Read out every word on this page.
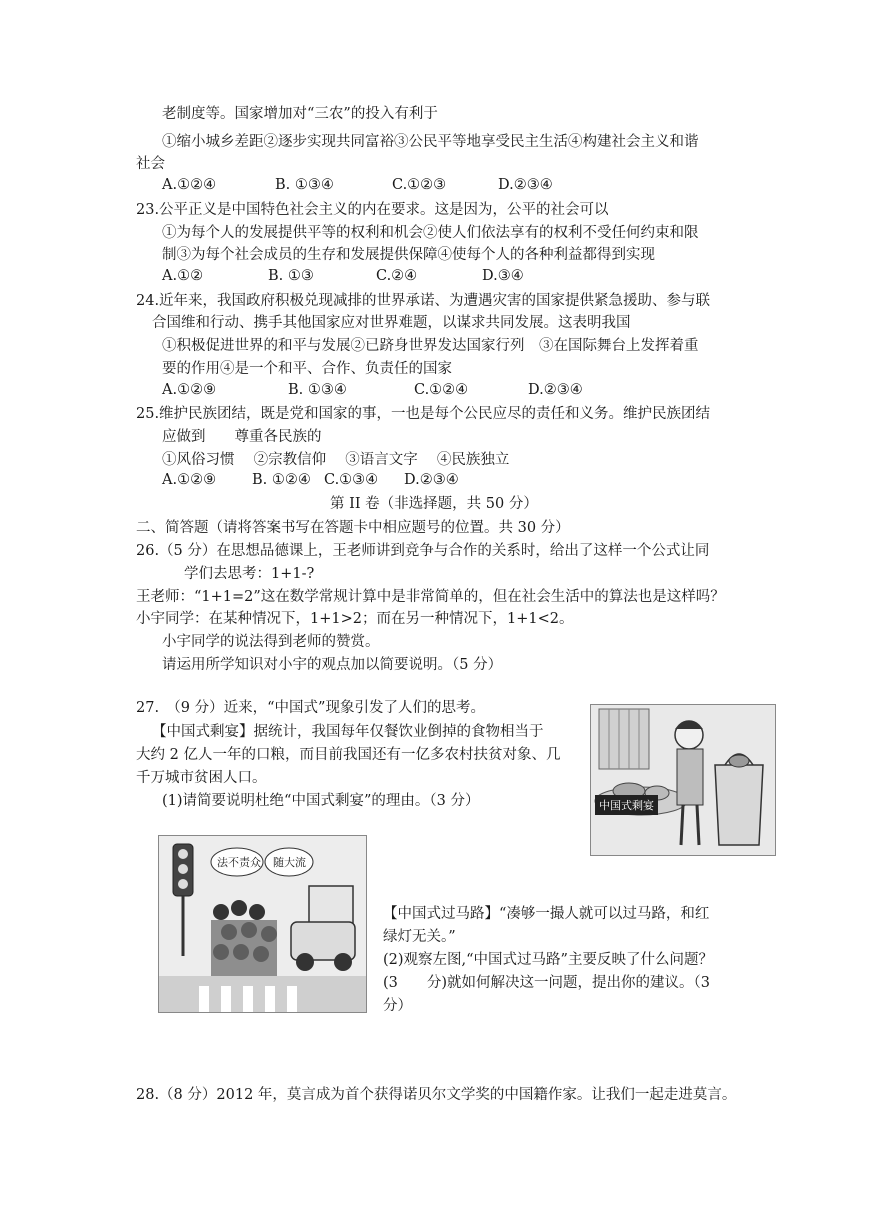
老制度等。国家增加对“三农”的投入有利于
①缩小城乡差距②逐步实现共同富裕③公民平等地享受民主生活④构建社会主义和谐
社会
A.①②④	B. ①③④	C.①②③	D.②③④
23.公平正义是中国特色社会主义的内在要求。这是因为，公平的社会可以
①为每个人的发展提供平等的权利和机会②使人们依法享有的权利不受任何约束和限
制③为每个社会成员的生存和发展提供保障④使每个人的各种利益都得到实现
A.①②	B. ①③	C.②④	D.③④
24.近年来，我国政府积极兑现减排的世界承诺、为遭遇灾害的国家提供紧急援助、参与联
合国维和行动、携手其他国家应对世界难题，以谋求共同发展。这表明我国
①积极促进世界的和平与发展②已跻身世界发达国家行列　③在国际舞台上发挥着重
要的作用④是一个和平、合作、负责任的国家
A.①②⑨	B. ①③④	C.①②④	D.②③④
25.维护民族团结，既是党和国家的事，一也是每个公民应尽的责任和义务。维护民族团结
应做到　　尊重各民族的
①风俗习惯　 ②宗教信仰　 ③语言文字　 ④民族独立
A.①②⑨ B. ①②④ C.①③④ D.②③④
第 II 卷（非选择题，共 50 分）
二、简答题（请将答案书写在答题卡中相应题号的位置。共 30 分）
26.（5 分）在思想品德课上，王老师讲到竞争与合作的关系时，给出了这样一个公式让同
学们去思考：1+1-?
王老师：“1+1=2”这在数学常规计算中是非常简单的，但在社会生活中的算法也是这样吗？
小宇同学：在某种情况下，1+1>2；而在另一种情况下，1+1<2。
小宇同学的说法得到老师的赞赏。
请运用所学知识对小宇的观点加以简要说明。（5 分）
27.　（9 分）近来，“中国式”现象引发了人们的思考。
【中国式剩宴】据统计，我国每年仅餐饮业倒掉的食物相当于
大约 2 亿人一年的口粮，而目前我国还有一亿多农村扶贫对象、几
千万城市贫困人口。
(1)请简要说明杜绝“中国式剩宴”的理由。（3 分）	中国式剩宴
法不责众 随大流
【中国式过马路】“凑够一撮人就可以过马路，和红
绿灯无关。”
(2)观察左图,“中国式过马路”主要反映了什么问题？
(3　　分)就如何解决这一问题，提出你的建议。（3
分）
28.（8 分）2012 年，莫言成为首个获得诺贝尔文学奖的中国籍作家。让我们一起走进莫言。
